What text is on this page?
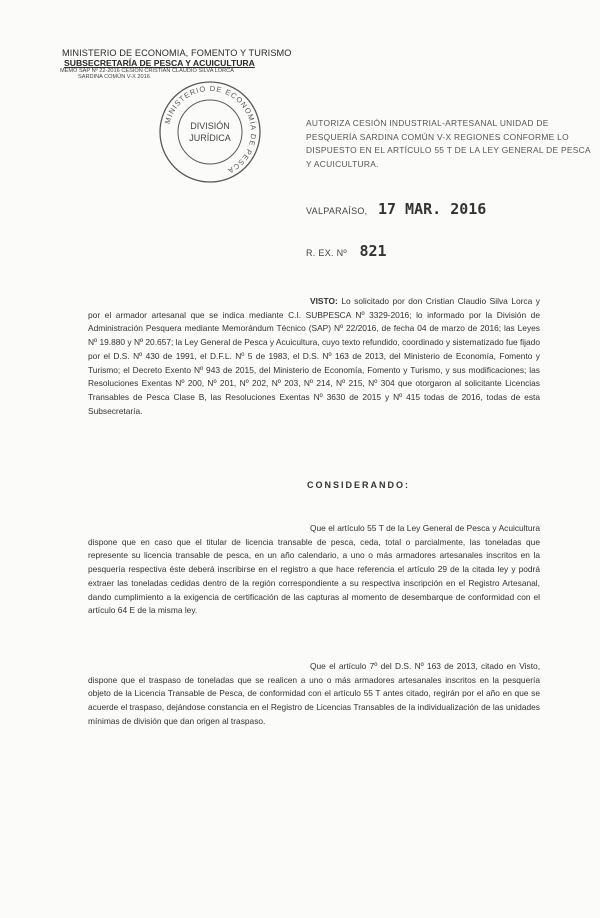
MINISTERIO DE ECONOMIA, FOMENTO Y TURISMO
SUBSECRETARÍA DE PESCA Y ACUICULTURA
MEMO SAP Nº 22-2016 CESIÓN CRISTIAN CLAUDIO SILVA LORCA
SARDINA COMÚN V-X 2016
MINISTERIO DE ECONOMÍA DE PESCA
DIVISIÓN
JURÍDICA
AUTORIZA CESIÓN INDUSTRIAL-ARTESANAL UNIDAD DE PESQUERÍA SARDINA COMÚN V-X REGIONES CONFORME LO DISPUESTO EN EL ARTÍCULO 55 T DE LA LEY GENERAL DE PESCA Y ACUICULTURA.
VALPARAÍSO, 17 MAR. 2016
R. EX. Nº 821
VISTO: Lo solicitado por don Cristian Claudio Silva Lorca y por el armador artesanal que se indica mediante C.I. SUBPESCA Nº 3329-2016; lo informado por la División de Administración Pesquera mediante Memorándum Técnico (SAP) Nº 22/2016, de fecha 04 de marzo de 2016; las Leyes Nº 19.880 y Nº 20.657; la Ley General de Pesca y Acuicultura, cuyo texto refundido, coordinado y sistematizado fue fijado por el D.S. Nº 430 de 1991, el D.F.L. Nº 5 de 1983, el D.S. Nº 163 de 2013, del Ministerio de Economía, Fomento y Turismo; el Decreto Exento Nº 943 de 2015, del Ministerio de Economía, Fomento y Turismo, y sus modificaciones; las Resoluciones Exentas Nº 200, Nº 201, Nº 202, Nº 203, Nº 214, Nº 215, Nº 304 que otorgaron al solicitante Licencias Transables de Pesca Clase B, las Resoluciones Exentas Nº 3630 de 2015 y Nº 415 todas de 2016, todas de esta Subsecretaría.
CONSIDERANDO:
Que el artículo 55 T de la Ley General de Pesca y Acuicultura dispone que en caso que el titular de licencia transable de pesca, ceda, total o parcialmente, las toneladas que represente su licencia transable de pesca, en un año calendario, a uno o más armadores artesanales inscritos en la pesquería respectiva éste deberá inscribirse en el registro a que hace referencia el artículo 29 de la citada ley y podrá extraer las toneladas cedidas dentro de la región correspondiente a su respectiva inscripción en el Registro Artesanal, dando cumplimiento a la exigencia de certificación de las capturas al momento de desembarque de conformidad con el artículo 64 E de la misma ley.
Que el artículo 7º del D.S. Nº 163 de 2013, citado en Visto, dispone que el traspaso de toneladas que se realicen a uno o más armadores artesanales inscritos en la pesquería objeto de la Licencia Transable de Pesca, de conformidad con el artículo 55 T antes citado, regirán por el año en que se acuerde el traspaso, dejándose constancia en el Registro de Licencias Transables de la individualización de las unidades mínimas de división que dan origen al traspaso.
